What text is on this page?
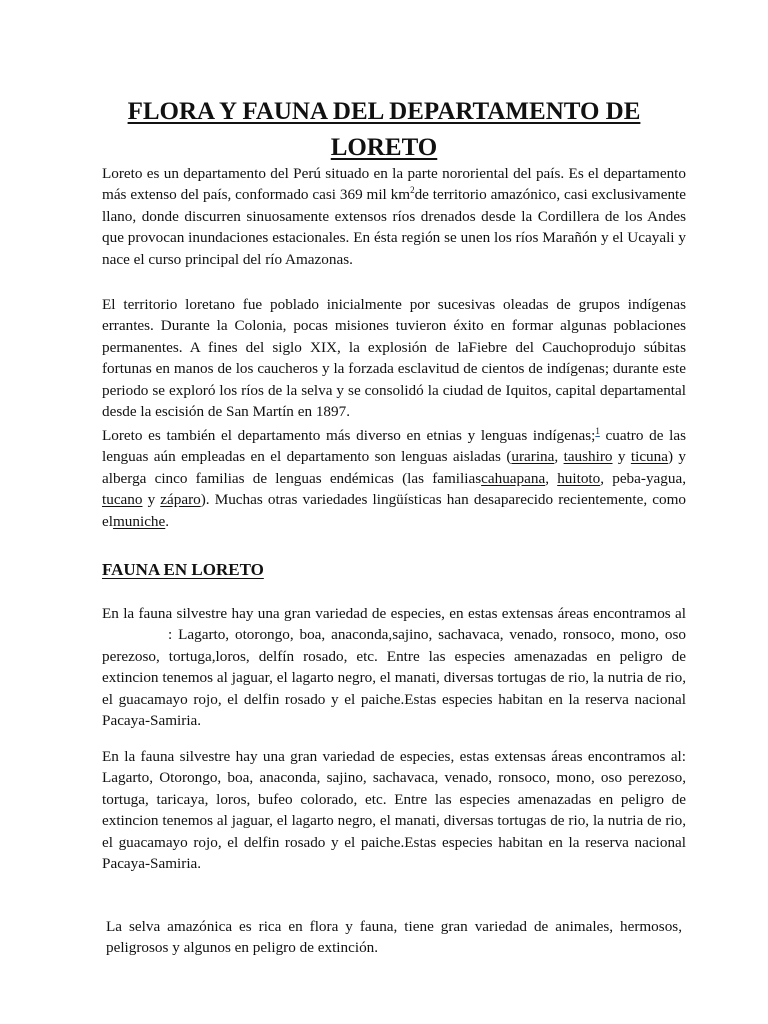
FLORA Y FAUNA DEL DEPARTAMENTO DE
LORETO

Loreto es un departamento del Perú situado en la parte nororiental del país. Es el departamento más extenso del país, conformado casi 369 mil $km^2de$ territorio amazónico, casi exclusivamente llano, donde discurren sinuosamente extensos ríos drenados desde la Cordillera de los Andes que provocan inundaciones estacionales. En ésta región se unen los ríos Marañón y el Ucayali y nace el curso principal del río Amazonas.

El territorio loretano fue poblado inicialmente por sucesivas oleadas de grupos indígenas errantes. Durante la Colonia, pocas misiones tuvieron éxito en formar algunas poblaciones permanentes. A fines del siglo XIX, la explosión de laFiebre del Cauchoprodujo súbitas fortunas en manos de los caucheros y la forzada esclavitud de cientos de indígenas; durante este periodo se exploró los ríos de la selva y se consolidó la ciudad de Iquitos, capital departamental desde la escisión de San Martín en 1897.

Loreto es también el departamento más diverso en etnias y lenguas indígenas;$^1$ cuatro de las lenguas aún empleadas en el departamento son lenguas aisladas (urarina, taushiro y ticuna) y alberga cinco familias de lenguas endémicas (las familiascahuapana, huitoto, peba-yagua, tucano y záparo). Muchas otras variedades lingüísticas han desaparecido recientemente, como elmuniche.

FAUNA EN LORETO

En la fauna silvestre hay una gran variedad de especies, en estas extensas áreas encontramos al: Lagarto, otorongo, boa, anaconda,sajino, sachavaca, venado, ronsoco, mono, oso perezoso, tortuga,loros, delfín rosado, etc. Entre las especies amenazadas en peligro de extincion tenemos al jaguar, el lagarto negro, el manati, diversas tortugas de rio, la nutria de rio, el guacamayo rojo, el delfin rosado y el paiche.Estas especies habitan en la reserva nacional Pacaya-Samiria.

En la fauna silvestre hay una gran variedad de especies, estas extensas áreas encontramos al: Lagarto, Otorongo, boa, anaconda, sajino, sachavaca, venado, ronsoco, mono, oso perezoso, tortuga, taricaya, loros, bufeo colorado, etc. Entre las especies amenazadas en peligro de extincion tenemos al jaguar, el lagarto negro, el manati, diversas tortugas de rio, la nutria de rio, el guacamayo rojo, el delfin rosado y el paiche.Estas especies habitan en la reserva nacional Pacaya-Samiria.

La selva amazónica es rica en flora y fauna, tiene gran variedad de animales, hermosos, peligrosos y algunos en peligro de extinción.
